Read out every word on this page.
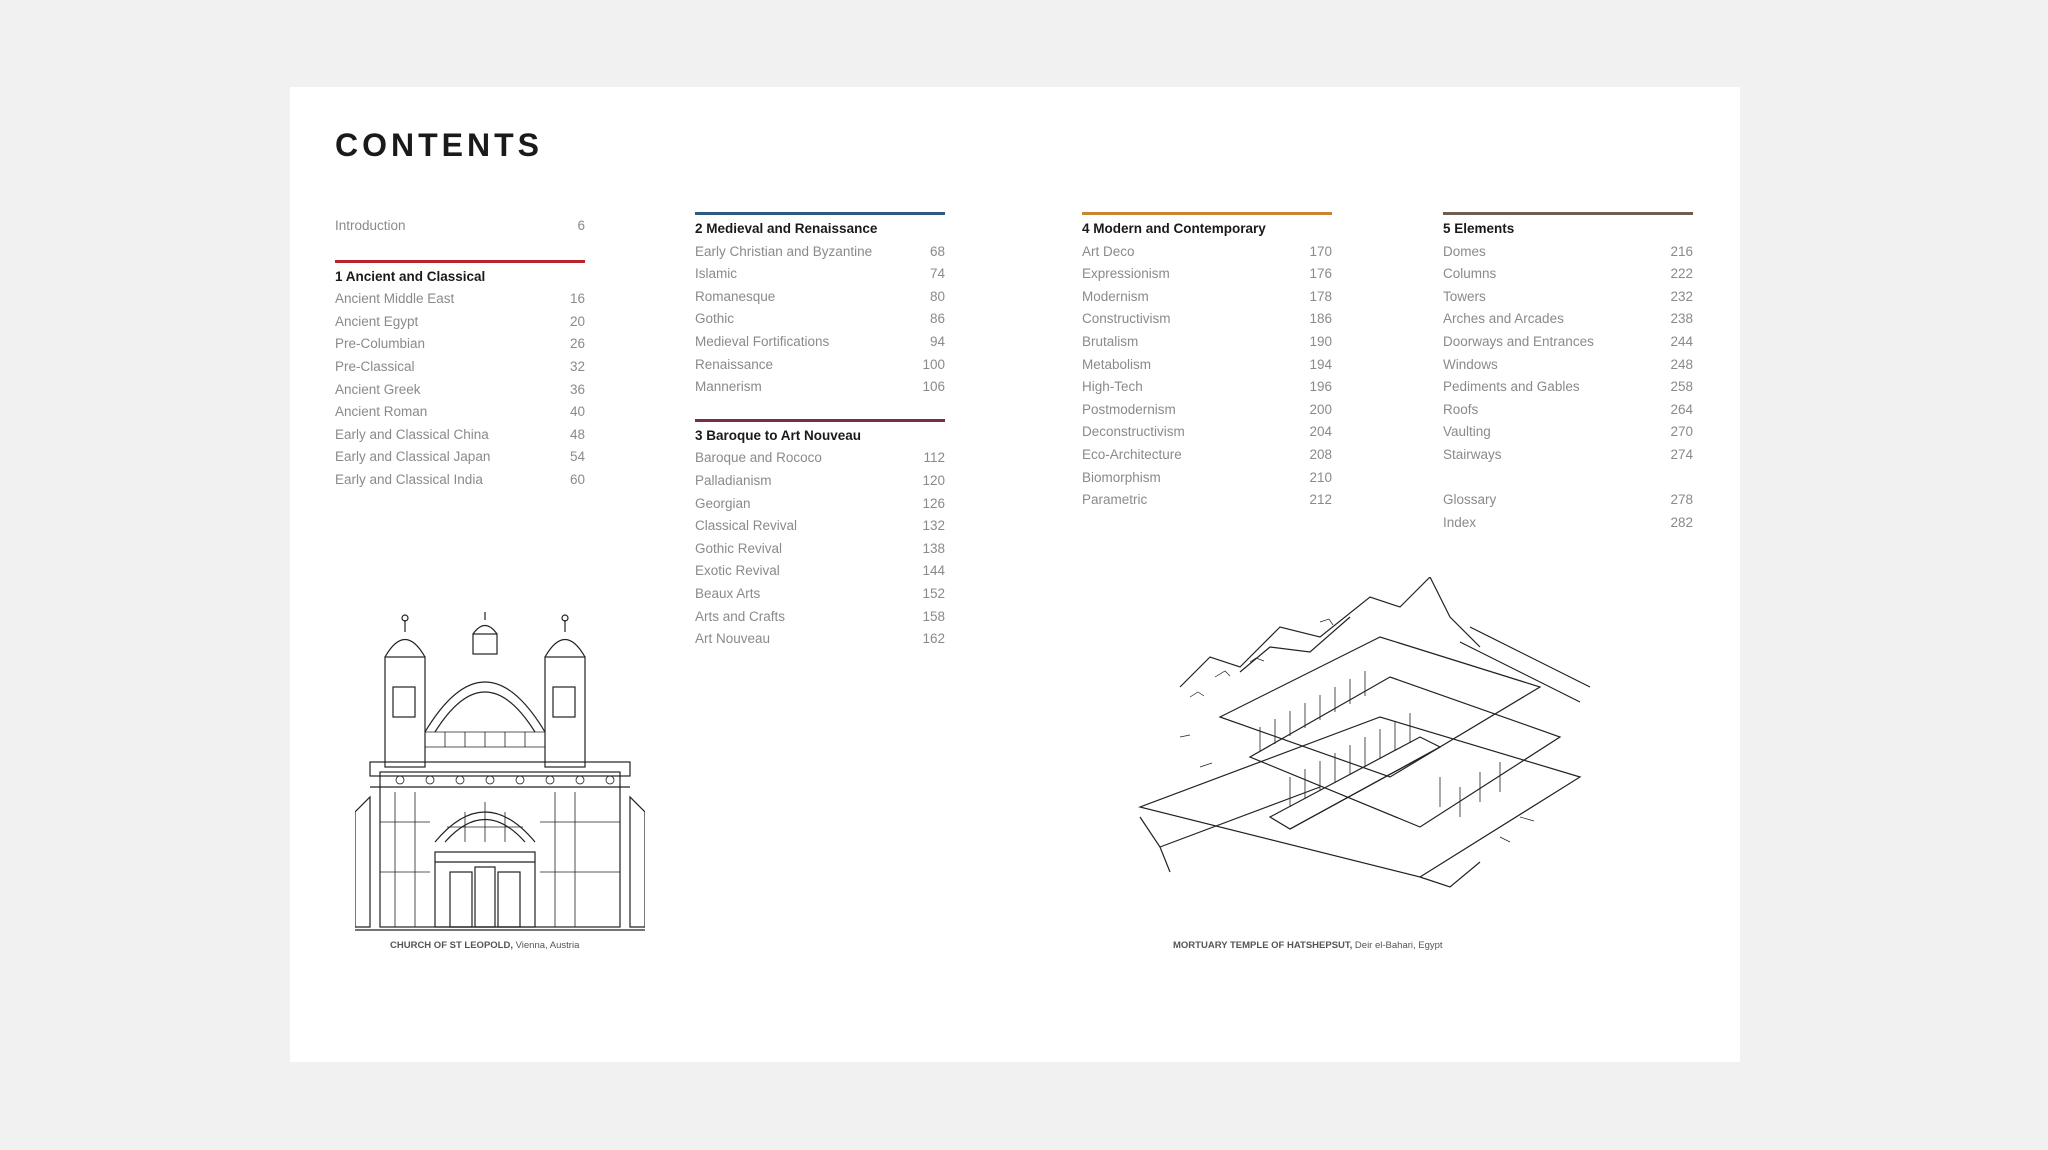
CONTENTS
Introduction	6
1 Ancient and Classical
Ancient Middle East	16
Ancient Egypt	20
Pre-Columbian	26
Pre-Classical	32
Ancient Greek	36
Ancient Roman	40
Early and Classical China	48
Early and Classical Japan	54
Early and Classical India	60
2 Medieval and Renaissance
Early Christian and Byzantine	68
Islamic	74
Romanesque	80
Gothic	86
Medieval Fortifications	94
Renaissance	100
Mannerism	106
3 Baroque to Art Nouveau
Baroque and Rococo	112
Palladianism	120
Georgian	126
Classical Revival	132
Gothic Revival	138
Exotic Revival	144
Beaux Arts	152
Arts and Crafts	158
Art Nouveau	162
4 Modern and Contemporary
Art Deco	170
Expressionism	176
Modernism	178
Constructivism	186
Brutalism	190
Metabolism	194
High-Tech	196
Postmodernism	200
Deconstructivism	204
Eco-Architecture	208
Biomorphism	210
Parametric	212
5 Elements
Domes	216
Columns	222
Towers	232
Arches and Arcades	238
Doorways and Entrances	244
Windows	248
Pediments and Gables	258
Roofs	264
Vaulting	270
Stairways	274
Glossary	278
Index	282
CHURCH OF ST LEOPOLD, Vienna, Austria	MORTUARY TEMPLE OF HATSHEPSUT, Deir el-Bahari, Egypt
